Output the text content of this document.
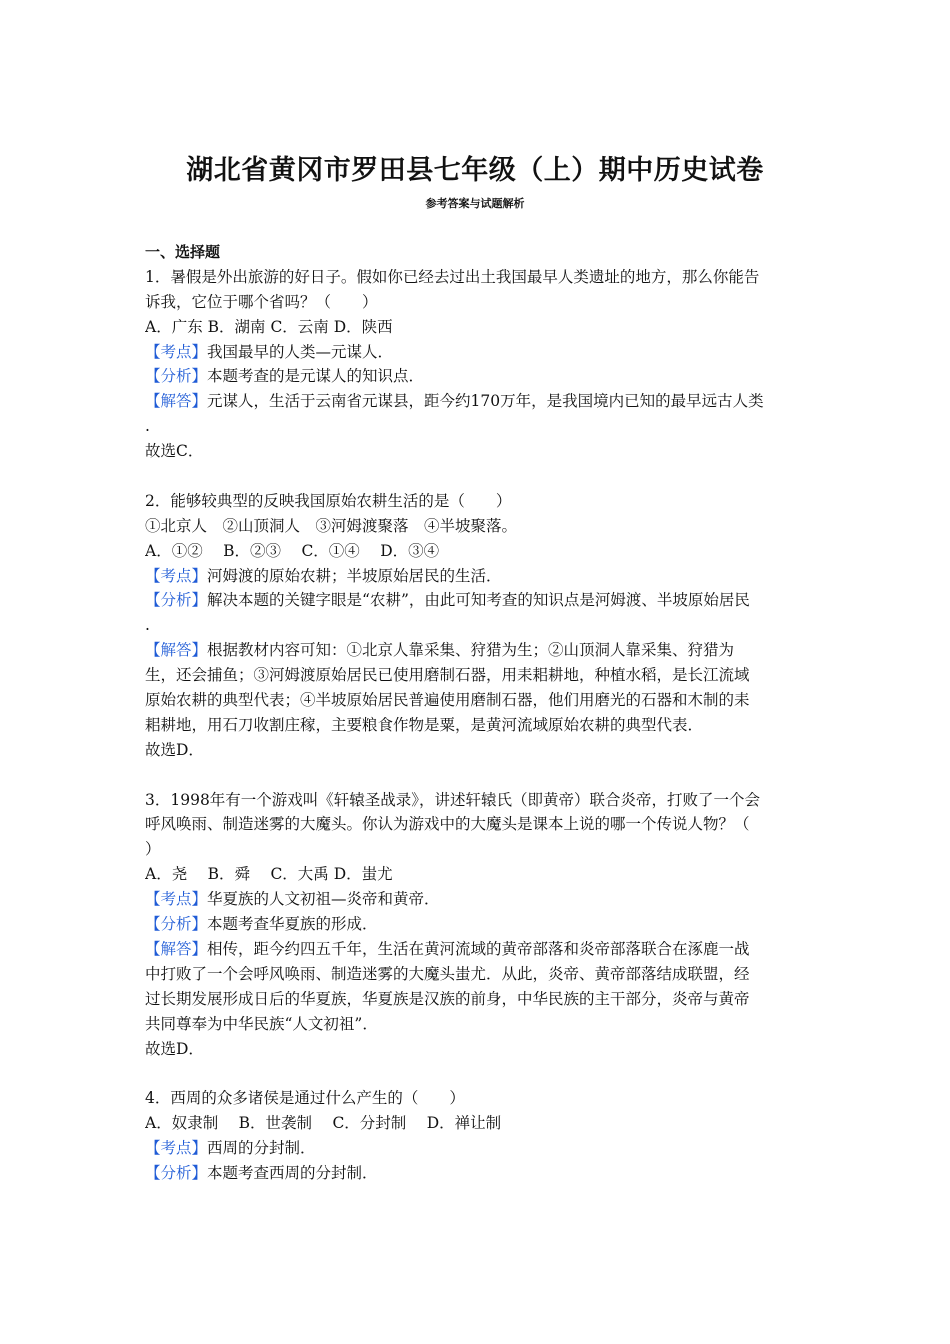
湖北省黄冈市罗田县七年级（上）期中历史试卷
参考答案与试题解析
一、选择题
1．暑假是外出旅游的好日子。假如你已经去过出土我国最早人类遗址的地方，那么你能告
诉我，它位于哪个省吗？（　　）
A．广东 B．湖南 C．云南 D．陕西
【考点】我国最早的人类—元谋人．
【分析】本题考查的是元谋人的知识点．
【解答】元谋人，生活于云南省元谋县，距今约170万年，是我国境内已知的最早远古人类
.
故选C．
2．能够较典型的反映我国原始农耕生活的是（　　）
①北京人　②山顶洞人　③河姆渡聚落　④半坡聚落。
A．①②　 B．②③　 C．①④　 D．③④
【考点】河姆渡的原始农耕；半坡原始居民的生活．
【分析】解决本题的关键字眼是“农耕”，由此可知考查的知识点是河姆渡、半坡原始居民
.
【解答】根据教材内容可知：①北京人靠采集、狩猎为生；②山顶洞人靠采集、狩猎为
生，还会捕鱼；③河姆渡原始居民已使用磨制石器，用耒耜耕地，种植水稻，是长江流域
原始农耕的典型代表；④半坡原始居民普遍使用磨制石器，他们用磨光的石器和木制的耒
耜耕地，用石刀收割庄稼，主要粮食作物是粟，是黄河流域原始农耕的典型代表．
故选D．
3．1998年有一个游戏叫《轩辕圣战录》，讲述轩辕氏（即黄帝）联合炎帝，打败了一个会
呼风唤雨、制造迷雾的大魔头。你认为游戏中的大魔头是课本上说的哪一个传说人物？（
）
A．尧　 B．舜　 C．大禹 D．蚩尤
【考点】华夏族的人文初祖—炎帝和黄帝．
【分析】本题考查华夏族的形成．
【解答】相传，距今约四五千年，生活在黄河流域的黄帝部落和炎帝部落联合在涿鹿一战
中打败了一个会呼风唤雨、制造迷雾的大魔头蚩尤．从此，炎帝、黄帝部落结成联盟，经
过长期发展形成日后的华夏族，华夏族是汉族的前身，中华民族的主干部分，炎帝与黄帝
共同尊奉为中华民族“人文初祖”．
故选D．
4．西周的众多诸侯是通过什么产生的（　　）
A．奴隶制　 B．世袭制　 C．分封制　 D．禅让制
【考点】西周的分封制．
【分析】本题考查西周的分封制．
